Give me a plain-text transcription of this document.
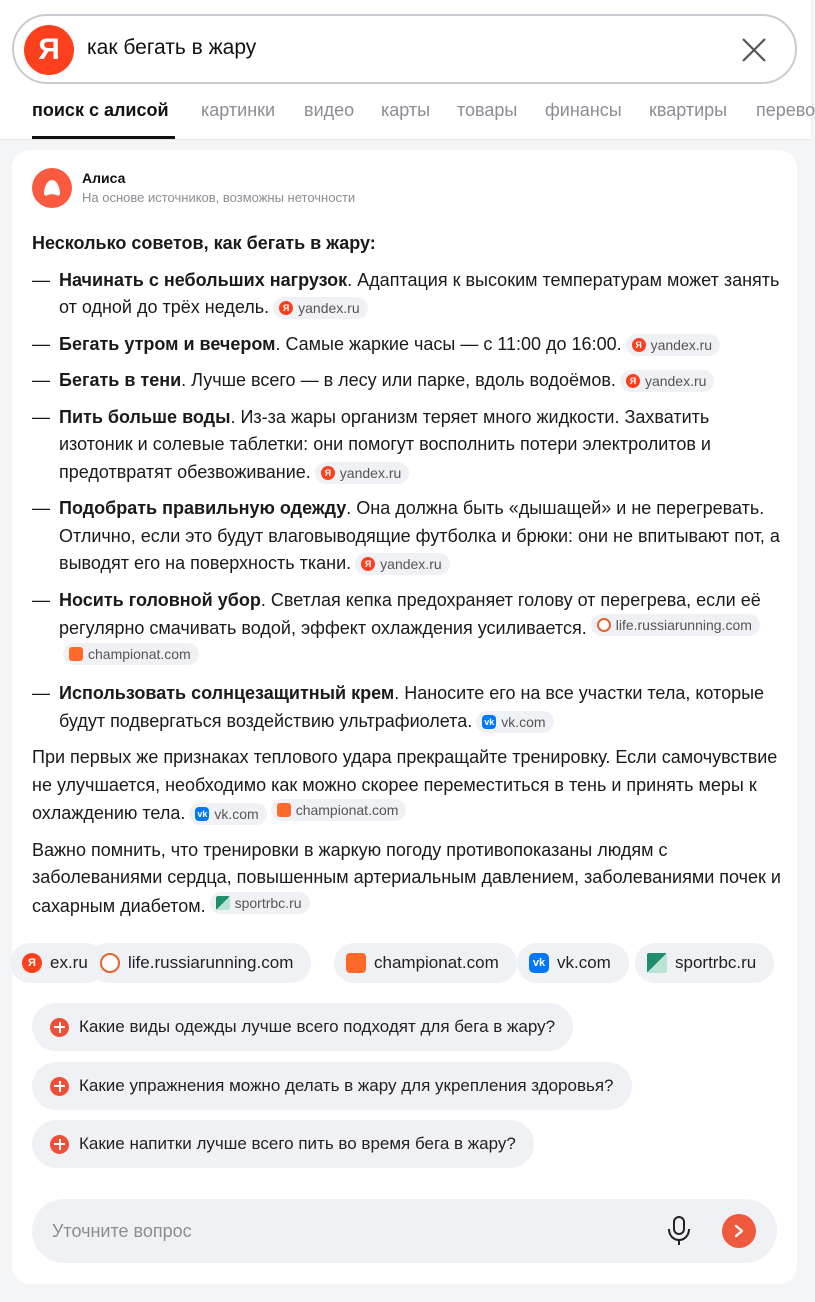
Я	как бегать в жару
поиск с алисой картинки видео карты товары финансы квартиры перево
Алиса
На основе источников, возможны неточности
Несколько советов, как бегать в жару:
— Начинать с небольших нагрузок. Адаптация к высоким температурам может занять от одной до трёх недель.	Я yandex.ru
— Бегать утром и вечером. Самые жаркие часы — с 11:00 до 16:00.	Я yandex.ru
— Бегать в тени. Лучше всего — в лесу или парке, вдоль водоёмов.	Я yandex.ru
— Пить больше воды. Из-за жары организм теряет много жидкости. Захватить изотоник и солевые таблетки: они помогут восполнить потери электролитов и предотвратят обезвоживание.	Я yandex.ru
— Подобрать правильную одежду. Она должна быть «дышащей» и не перегревать. Отлично, если это будут влаговыводящие футболка и брюки: они не впитывают пот, а выводят его на поверхность ткани.	Я yandex.ru
— Носить головной убор. Светлая кепка предохраняет голову от перегрева, если её регулярно смачивать водой, эффект охлаждения усиливается. life.russiarunning.com
championat.com
— Использовать солнцезащитный крем. Наносите его на все участки тела, которые будут подвергаться воздействию ультрафиолета. vk vk.com

При первых же признаках теплового удара прекращайте тренировку. Если самочувствие не улучшается, необходимо как можно скорее переместиться в тень и принять меры к охлаждению тела. vk vk.com	championat.com

Важно помнить, что тренировки в жаркую погоду противопоказаны людям с заболеваниями сердца, повышенным артериальным давлением, заболеваниями почек и сахарным диабетом. sportrbc.ru

Я ex.ru life.russiarunning.com	championat.com	vk vk.com	sportrbc.ru
Какие виды одежды лучше всего подходят для бега в жару?
Какие упражнения можно делать в жару для укрепления здоровья?
Какие напитки лучше всего пить во время бега в жару?
Уточните вопрос
